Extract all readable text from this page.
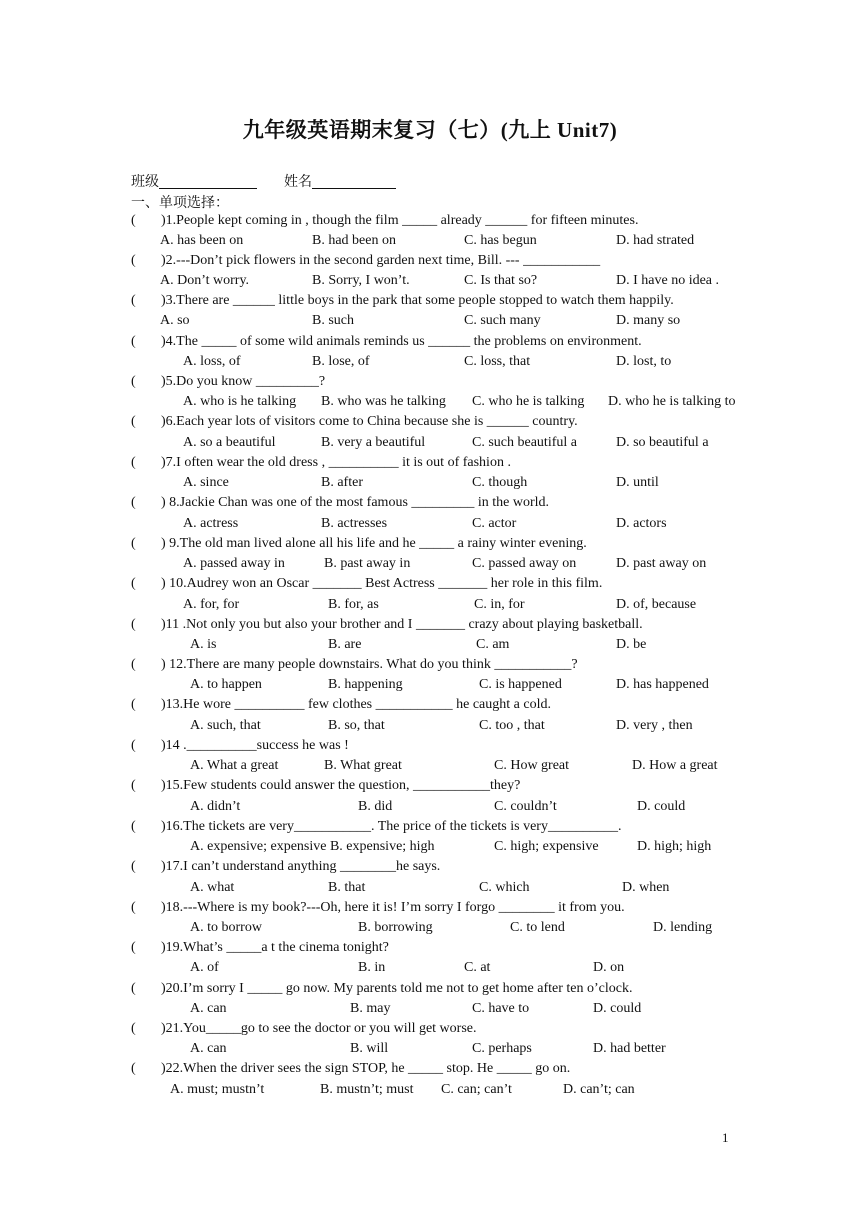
九年级英语期末复习（七）(九上 Unit7)
班级	姓名
一、单项选择：
( )1.People kept coming in , though the film _____ already ______ for fifteen minutes.
A. has been on	B. had been on	C. has begun	D. had strated
( )2.---Don’t pick flowers in the second garden next time, Bill. --- ___________
A. Don’t worry.	B. Sorry, I won’t.	C. Is that so?	D. I have no idea .
( )3.There are ______ little boys in the park that some people stopped to watch them happily.
A. so	B. such	C. such many	D. many so
( )4.The _____ of some wild animals reminds us ______ the problems on environment.
A. loss, of	B. lose, of	C. loss, that	D. lost, to
( )5.Do you know _________?
A. who is he talking B. who was he talking C. who he is talking D. who he is talking to
( )6.Each year lots of visitors come to China because she is ______ country.
A. so a beautiful	B. very a beautiful	C. such beautiful a	D. so beautiful a
( )7.I often wear the old dress , __________ it is out of fashion .
A. since	B. after	C. though	D. until
( ) 8.Jackie Chan was one of the most famous _________ in the world.
A. actress	B. actresses	C. actor	D. actors
( ) 9.The old man lived alone all his life and he _____ a rainy winter evening.
A. passed away in	B. past away in	C. passed away on	D. past away on
( ) 10.Audrey won an Oscar _______ Best Actress _______ her role in this film.
A. for, for	B. for, as	C. in, for	D. of, because
( )11 .Not only you but also your brother and I _______ crazy about playing basketball.
A. is	B. are	C. am	D. be
( ) 12.There are many people downstairs. What do you think ___________?
A. to happen	B. happening	C. is happened	D. has happened
( )13.He wore __________ few clothes ___________ he caught a cold.
A. such, that	B. so, that	C. too , that	D. very , then
( )14 .__________success he was !
A. What a great	B. What great	C. How great	D. How a great
( )15.Few students could answer the question, ___________they?
A. didn’t	B. did	C. couldn’t	D. could
( )16.The tickets are very___________. The price of the tickets is very__________.
A. expensive; expensive B. expensive; high	C. high; expensive	D. high; high
( )17.I can’t understand anything ________he says.
A. what	B. that	C. which	D. when
( )18.---Where is my book?---Oh, here it is! I’m sorry I forgo ________ it from you.
A. to borrow	B. borrowing	C. to lend	D. lending
( )19.What’s _____a t the cinema tonight?
A. of	B. in	C. at	D. on
( )20.I’m sorry I _____ go now. My parents told me not to get home after ten o’clock.
A. can	B. may	C. have to	D. could
( )21.You_____go to see the doctor or you will get worse.
A. can	B. will	C. perhaps	D. had better
( )22.When the driver sees the sign STOP, he _____ stop. He _____ go on.
A. must; mustn’t	B. mustn’t; must C. can; can’t	D. can’t; can
1
